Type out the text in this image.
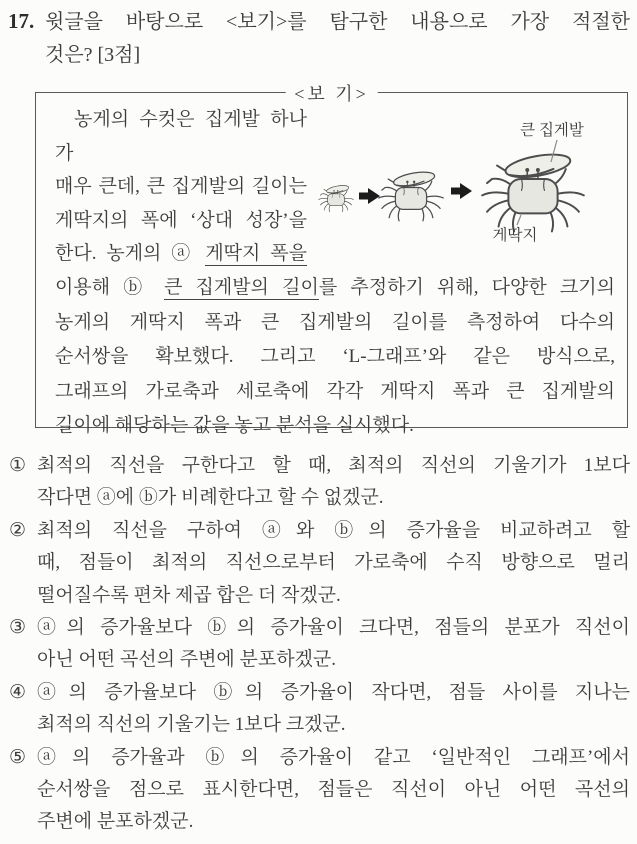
윗글을 바탕으로 <보기>를 탐구한 내용으로 가장 적절한
17.
것은? [3점]
<보 기>
큰 집게발
게딱지
농게의 수컷은 집게발 하나가
매우 큰데, 큰 집게발의 길이는
게딱지의 폭에 ‘상대 성장’을
한다. 농게의 ⓐ 게딱지 폭을
이용해 ⓑ 큰 집게발의 길이를 추정하기 위해, 다양한 크기의
농게의 게딱지 폭과 큰 집게발의 길이를 측정하여 다수의
순서쌍을 확보했다. 그리고 ‘L-그래프’와 같은 방식으로,
그래프의 가로축과 세로축에 각각 게딱지 폭과 큰 집게발의
길이에 해당하는 값을 놓고 분석을 실시했다.
① 최적의 직선을 구한다고 할 때, 최적의 직선의 기울기가 1보다
작다면 ⓐ에 ⓑ가 비례한다고 할 수 없겠군.
② 최적의 직선을 구하여 ⓐ와 ⓑ의 증가율을 비교하려고 할
때, 점들이 최적의 직선으로부터 가로축에 수직 방향으로 멀리
떨어질수록 편차 제곱 합은 더 작겠군.
③ ⓐ의 증가율보다 ⓑ의 증가율이 크다면, 점들의 분포가 직선이
아닌 어떤 곡선의 주변에 분포하겠군.
④ ⓐ의 증가율보다 ⓑ의 증가율이 작다면, 점들 사이를 지나는
최적의 직선의 기울기는 1보다 크겠군.
⑤ ⓐ의 증가율과 ⓑ의 증가율이 같고 ‘일반적인 그래프’에서
순서쌍을 점으로 표시한다면, 점들은 직선이 아닌 어떤 곡선의
주변에 분포하겠군.
